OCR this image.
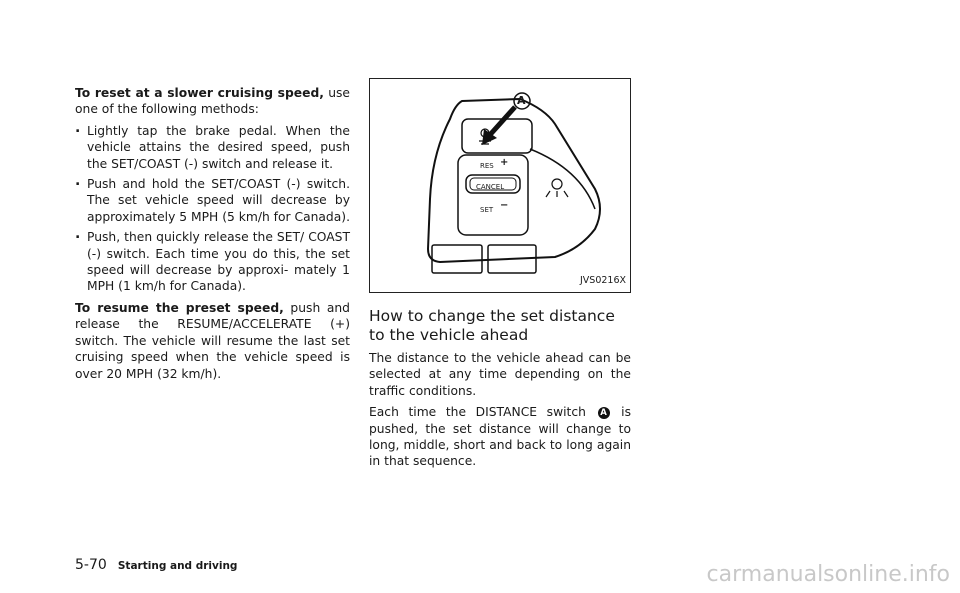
To reset at a slower cruising speed, use one of the following methods:

. Lightly tap the brake pedal. When the vehicle attains the desired speed, push the SET/COAST (-) switch and release it.
. Push and hold the SET/COAST (-) switch. The set vehicle speed will decrease by approximately 5 MPH (5 km/h for Canada).
. Push, then quickly release the SET/ COAST (-) switch. Each time you do this, the set speed will decrease by approxi- mately 1 MPH (1 km/h for Canada).

To resume the preset speed, push and release the RESUME/ACCELERATE (+) switch. The vehicle will resume the last set cruising speed when the vehicle speed is over 20 MPH (32 km/h).

A
RES +
CANCEL
SET −
JVS0216X
How to change the set distance to the vehicle ahead

The distance to the vehicle ahead can be selected at any time depending on the traffic conditions.

Each time the DISTANCE switch A is pushed, the set distance will change to long, middle, short and back to long again in that sequence.

5-70 Starting and driving	carmanualsonline.info
